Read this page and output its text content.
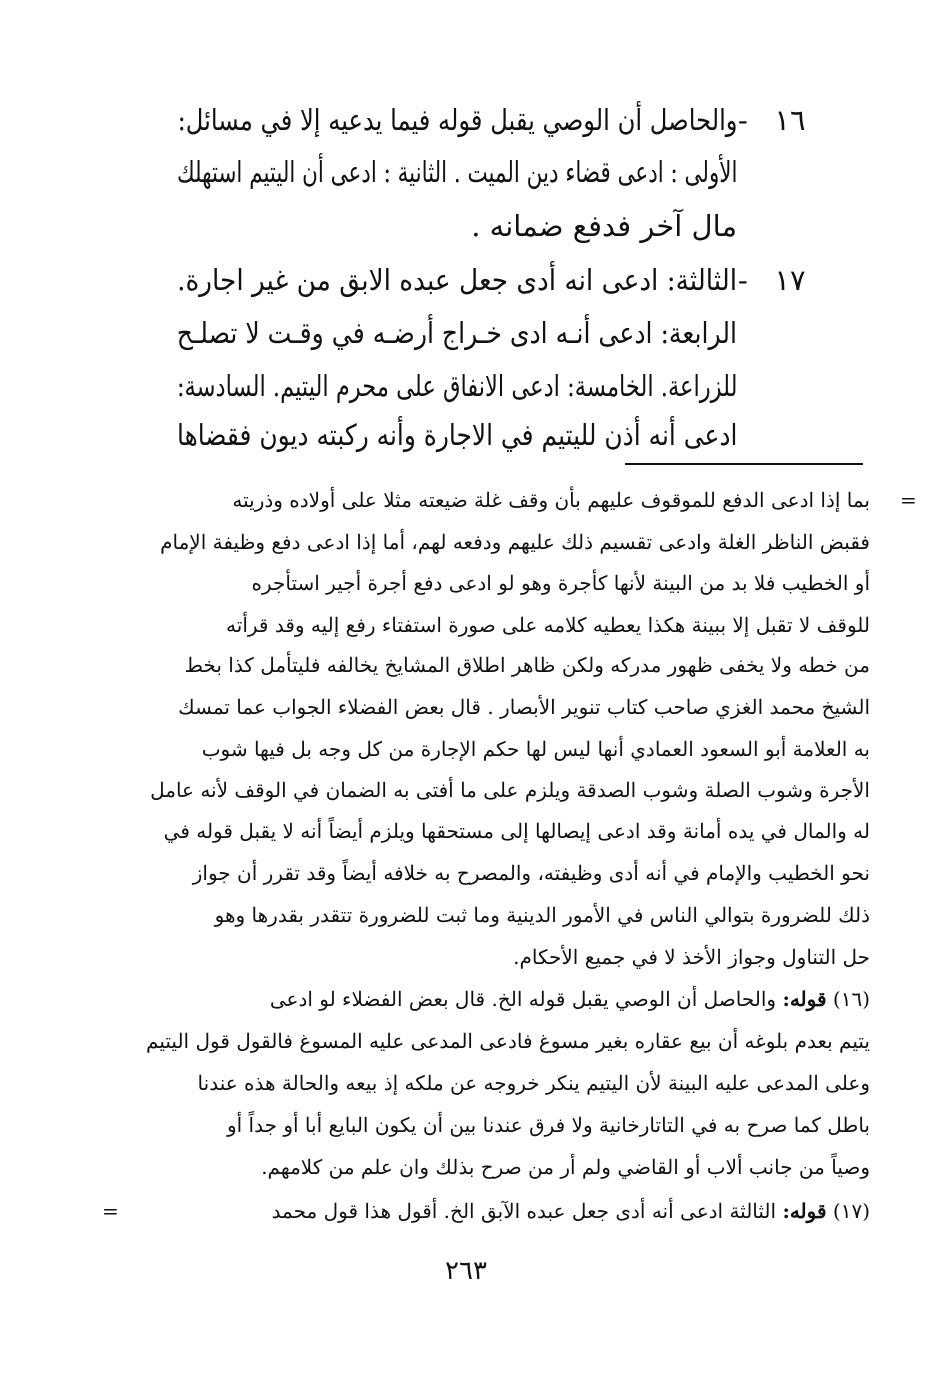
١٦
-
والحاصل أن الوصي يقبل قوله فيما يدعيه إلا في مسائل:
الأولى : ادعى قضاء دين الميت . الثانية : ادعى أن اليتيم استهلك
مال آخر فدفع ضمانه .
١٧
-
الثالثة: ادعى انه أدى جعل عبده الابق من غير اجارة.
الرابعة: ادعى أنـه ادى خـراج أرضـه في وقـت لا تصلـح
للزراعة. الخامسة: ادعى الانفاق على محرم اليتيم. السادسة:
ادعى أنه أذن لليتيم في الاجارة وأنه ركبته ديون فقضاها
=
بما إذا ادعى الدفع للموقوف عليهم بأن وقف غلة ضيعته مثلا على أولاده وذريته
فقبض الناظر الغلة وادعى تقسيم ذلك عليهم ودفعه لهم، أما إذا ادعى دفع وظيفة الإمام
أو الخطيب فلا بد من البينة لأنها كأجرة وهو لو ادعى دفع أجرة أجير استأجره
للوقف لا تقبل إلا ببينة هكذا يعطيه كلامه على صورة استفتاء رفع إليه وقد قرأته
من خطه ولا يخفى ظهور مدركه ولكن ظاهر اطلاق المشايخ يخالفه فليتأمل كذا بخط
الشيخ محمد الغزي صاحب كتاب تنوير الأبصار . قال بعض الفضلاء الجواب عما تمسك
به العلامة أبو السعود العمادي أنها ليس لها حكم الإجارة من كل وجه بل فيها شوب
الأجرة وشوب الصلة وشوب الصدقة ويلزم على ما أفتى به الضمان في الوقف لأنه عامل
له والمال في يده أمانة وقد ادعى إيصالها إلى مستحقها ويلزم أيضاً أنه لا يقبل قوله في
نحو الخطيب والإمام في أنه أدى وظيفته، والمصرح به خلافه أيضاً وقد تقرر أن جواز
ذلك للضرورة بتوالي الناس في الأمور الدينية وما ثبت للضرورة تتقدر بقدرها وهو
حل التناول وجواز الأخذ لا في جميع الأحكام.
(١٦) قوله: والحاصل أن الوصي يقبل قوله الخ. قال بعض الفضلاء لو ادعى
يتيم بعدم بلوغه أن بيع عقاره بغير مسوغ فادعى المدعى عليه المسوغ فالقول قول اليتيم
وعلى المدعى عليه البينة لأن اليتيم ينكر خروجه عن ملكه إذ بيعه والحالة هذه عندنا
باطل كما صرح به في التاتارخانية ولا فرق عندنا بين أن يكون البايع أبا أو جداً أو
وصياً من جانب ألاب أو القاضي ولم أر من صرح بذلك وان علم من كلامهم.
(١٧) قوله: الثالثة ادعى أنه أدى جعل عبده الآبق الخ. أقول هذا قول محمد
=
٢٦٣
